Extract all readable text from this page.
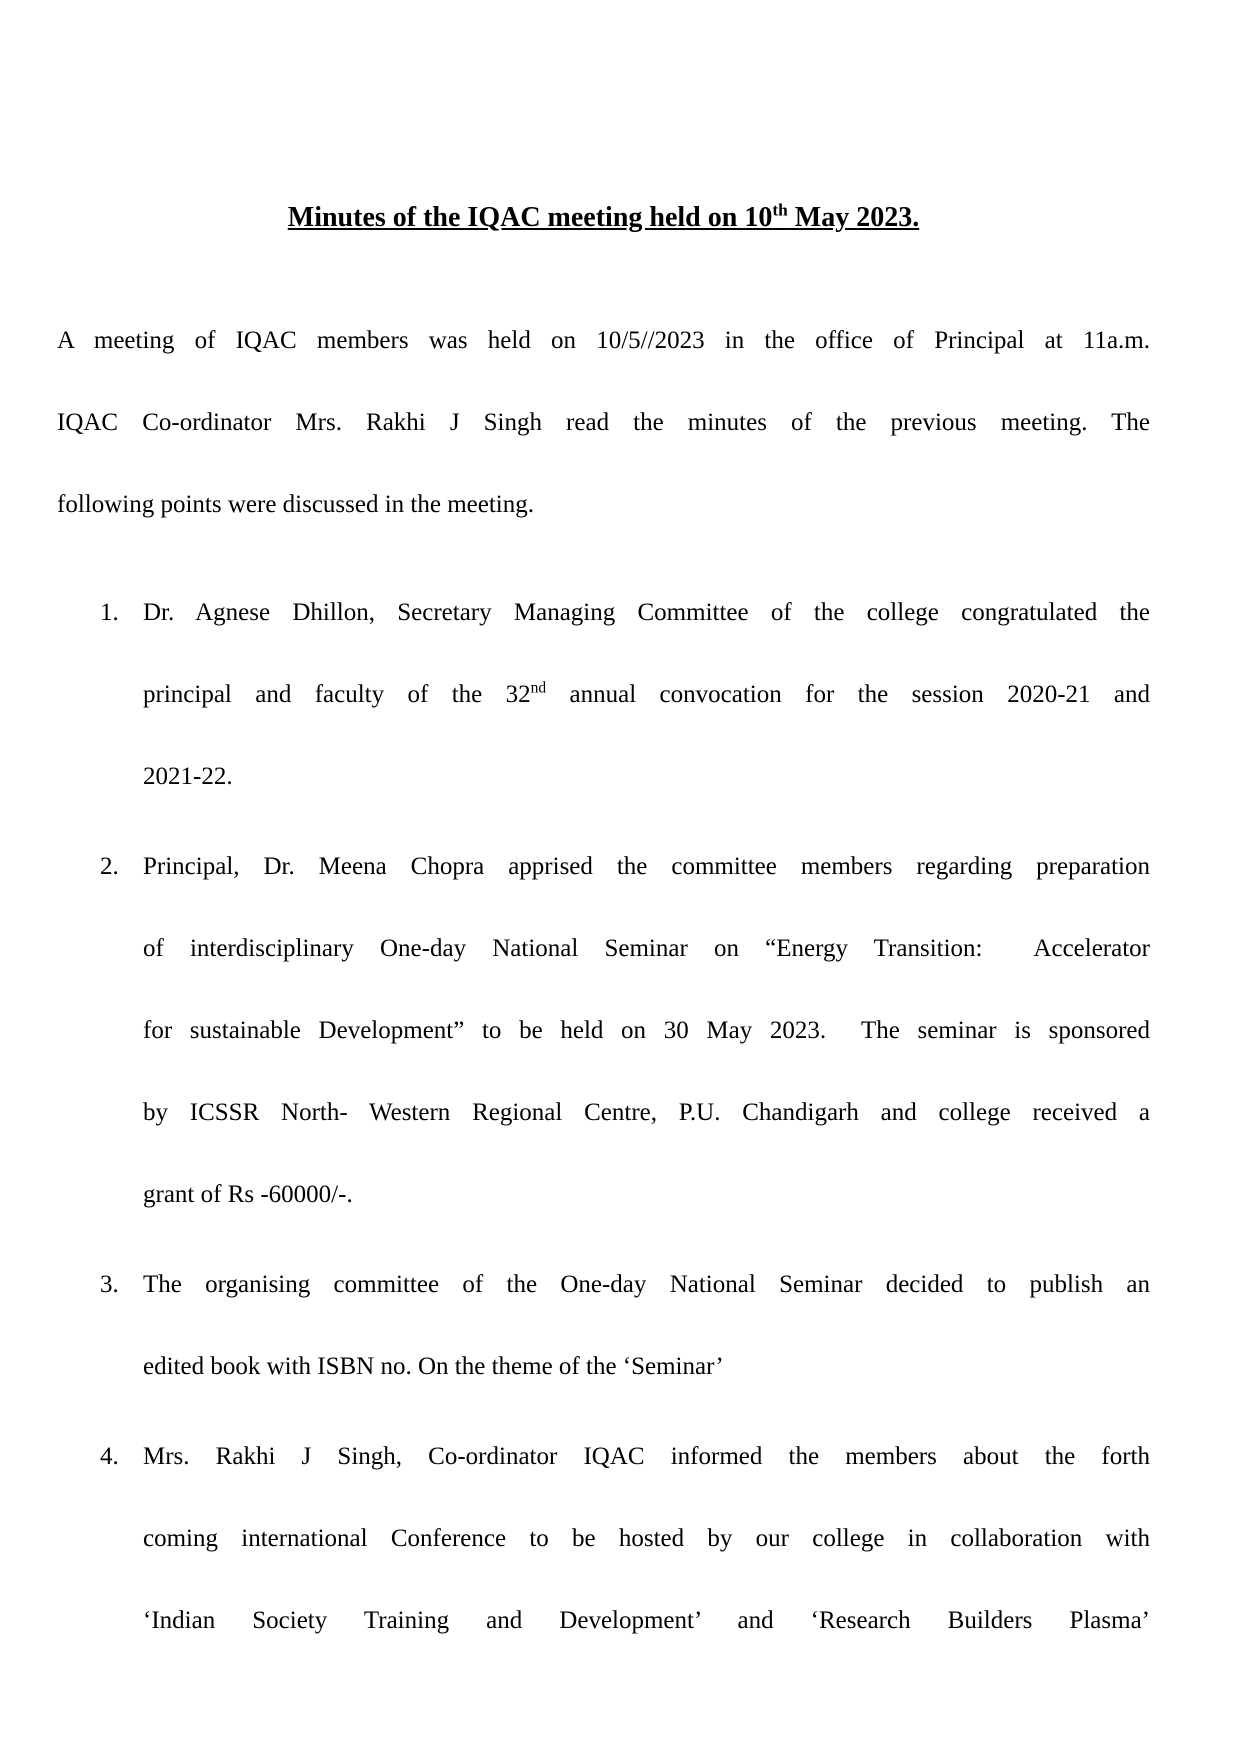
Minutes of the IQAC meeting held on 10th May 2023.
A meeting of IQAC members was held on 10/5//2023 in the office of Principal at 11a.m.
IQAC Co-ordinator Mrs. Rakhi J Singh read the minutes of the previous meeting. The
following points were discussed in the meeting.
1. Dr. Agnese Dhillon, Secretary Managing Committee of the college congratulated the
principal and faculty of the 32nd annual convocation for the session 2020-21 and
2021-22.
2. Principal, Dr. Meena Chopra apprised the committee members regarding preparation
of interdisciplinary One-day National Seminar on “Energy Transition:  Accelerator
for sustainable Development” to be held on 30 May 2023.  The seminar is sponsored
by ICSSR North- Western Regional Centre, P.U. Chandigarh and college received a
grant of Rs -60000/-.
3. The organising committee of the One-day National Seminar decided to publish an
edited book with ISBN no. On the theme of the ‘Seminar’
4. Mrs. Rakhi J Singh, Co-ordinator IQAC informed the members about the forth
coming international Conference to be hosted by our college in collaboration with
‘Indian Society Training and Development’ and ‘Research Builders Plasma’
